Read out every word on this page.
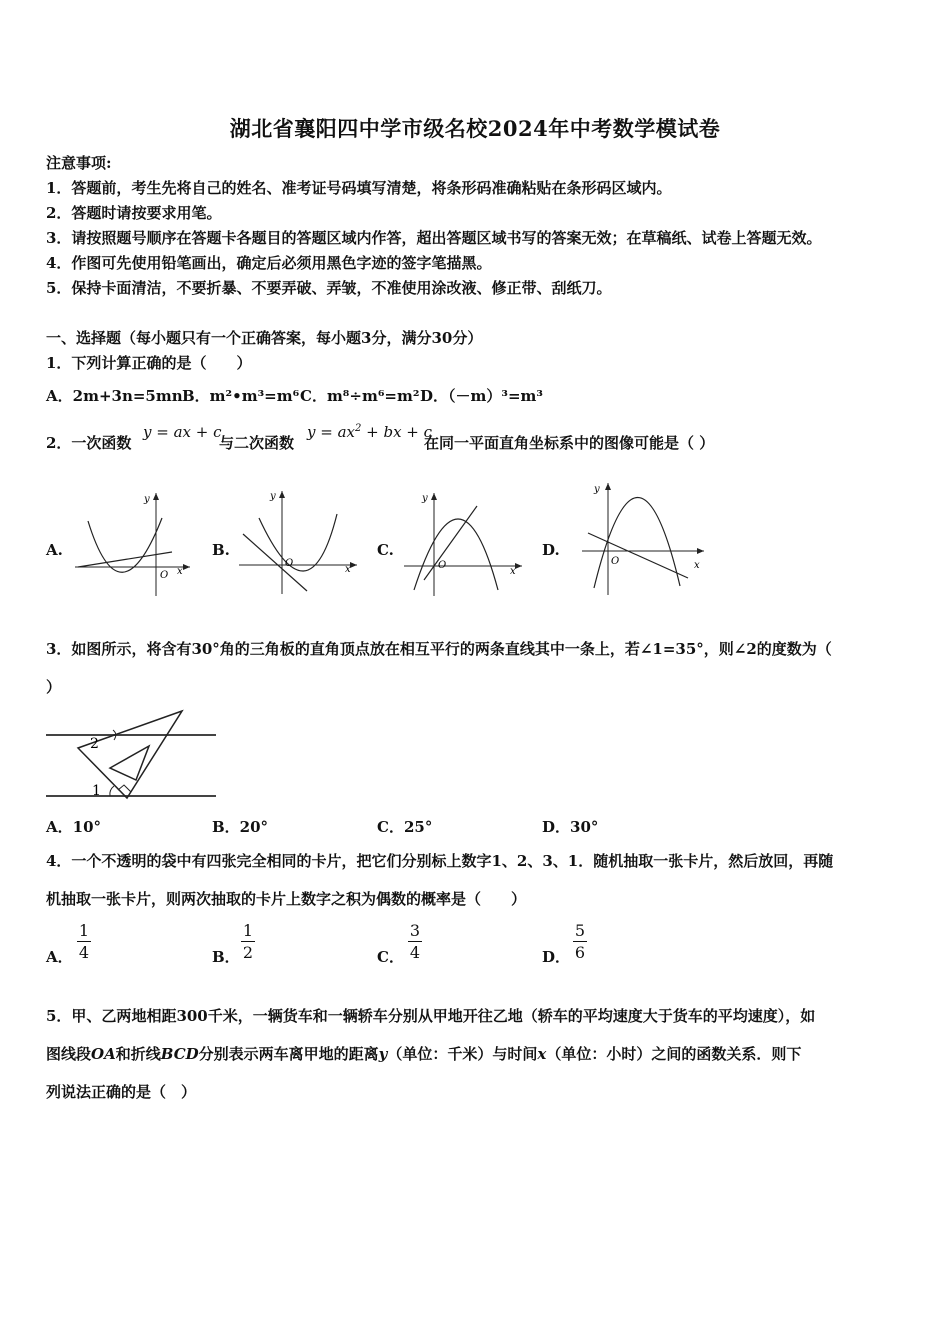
湖北省襄阳四中学市级名校2024年中考数学模试卷
注意事项:
1．答题前，考生先将自己的姓名、准考证号码填写清楚，将条形码准确粘贴在条形码区域内。
2．答题时请按要求用笔。
3．请按照题号顺序在答题卡各题目的答题区域内作答，超出答题区域书写的答案无效；在草稿纸、试卷上答题无效。
4．作图可先使用铅笔画出，确定后必须用黑色字迹的签字笔描黑。
5．保持卡面清洁，不要折暴、不要弄破、弄皱，不准使用涂改液、修正带、刮纸刀。
一、选择题（每小题只有一个正确答案，每小题3分，满分30分）
1．下列计算正确的是（　　）
A．2m+3n=5mn B．m²•m³=m⁶ C．m⁸÷m⁶=m² D．（－m）³=m³
2．一次函数
y = ax + c
与二次函数
$y = ax^2$ + bx + c
在同一平面直角坐标系中的图像可能是（ ）
A.	B.	C.	D.
x
y
O
x
y
O
x
y
O	x
y
O
3．如图所示，将含有30°角的三角板的直角顶点放在相互平行的两条直线其中一条上，若∠1=35°，则∠2的度数为（
）
2
1
A．10°	B．20°	C．25°	D．30°
4．一个不透明的袋中有四张完全相同的卡片，把它们分别标上数字1、2、3、1．随机抽取一张卡片，然后放回，再随
机抽取一张卡片，则两次抽取的卡片上数字之积为偶数的概率是（　　）
A．
1
4	B．
1
2	C．
3
4	D．
5
6
5．甲、乙两地相距300千米，一辆货车和一辆轿车分别从甲地开往乙地（轿车的平均速度大于货车的平均速度），如
图线段OA和折线BCD分别表示两车离甲地的距离y（单位：千米）与时间x（单位：小时）之间的函数关系．则下
列说法正确的是（　）
